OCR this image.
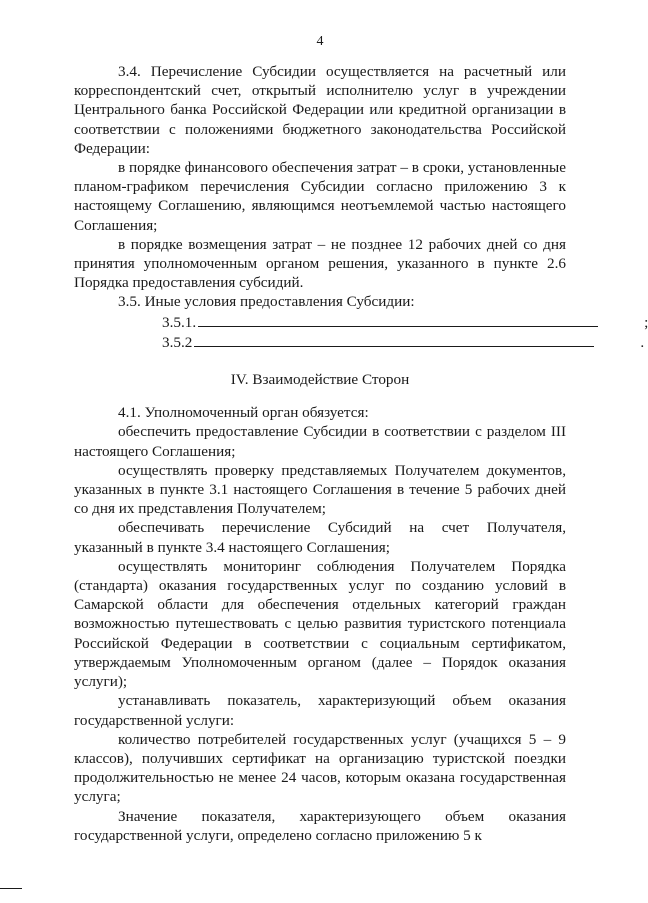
4

3.4. Перечисление Субсидии осуществляется на расчетный или корреспондентский счет, открытый исполнителю услуг в учреждении Центрального банка Российской Федерации или кредитной организации в соответствии с положениями бюджетного законодательства Российской Федерации:

в порядке финансового обеспечения затрат – в сроки, установленные планом-графиком перечисления Субсидии согласно приложению 3 к настоящему Соглашению, являющимся неотъемлемой частью настоящего Соглашения;

в порядке возмещения затрат – не позднее 12 рабочих дней со дня принятия уполномоченным органом решения, указанного в пункте 2.6 Порядка предоставления субсидий.

3.5. Иные условия предоставления Субсидии:

3.5.1.	;

3.5.2	.

IV. Взаимодействие Сторон

4.1. Уполномоченный орган обязуется:

обеспечить предоставление Субсидии в соответствии с разделом III настоящего Соглашения;

осуществлять проверку представляемых Получателем документов, указанных в пункте 3.1 настоящего Соглашения в течение 5 рабочих дней со дня их представления Получателем;

обеспечивать перечисление Субсидий на счет Получателя, указанный в пункте 3.4 настоящего Соглашения;

осуществлять мониторинг соблюдения Получателем Порядка (стандарта) оказания государственных услуг по созданию условий в Самарской области для обеспечения отдельных категорий граждан возможностью путешествовать с целью развития туристского потенциала Российской Федерации в соответствии с социальным сертификатом, утверждаемым Уполномоченным органом (далее – Порядок оказания услуги);

устанавливать показатель, характеризующий объем оказания государственной услуги:

количество потребителей государственных услуг (учащихся 5 – 9 классов), получивших сертификат на организацию туристской поездки продолжительностью не менее 24 часов, которым оказана государственная услуга;

Значение показателя, характеризующего объем оказания государственной услуги, определено согласно приложению 5 к
